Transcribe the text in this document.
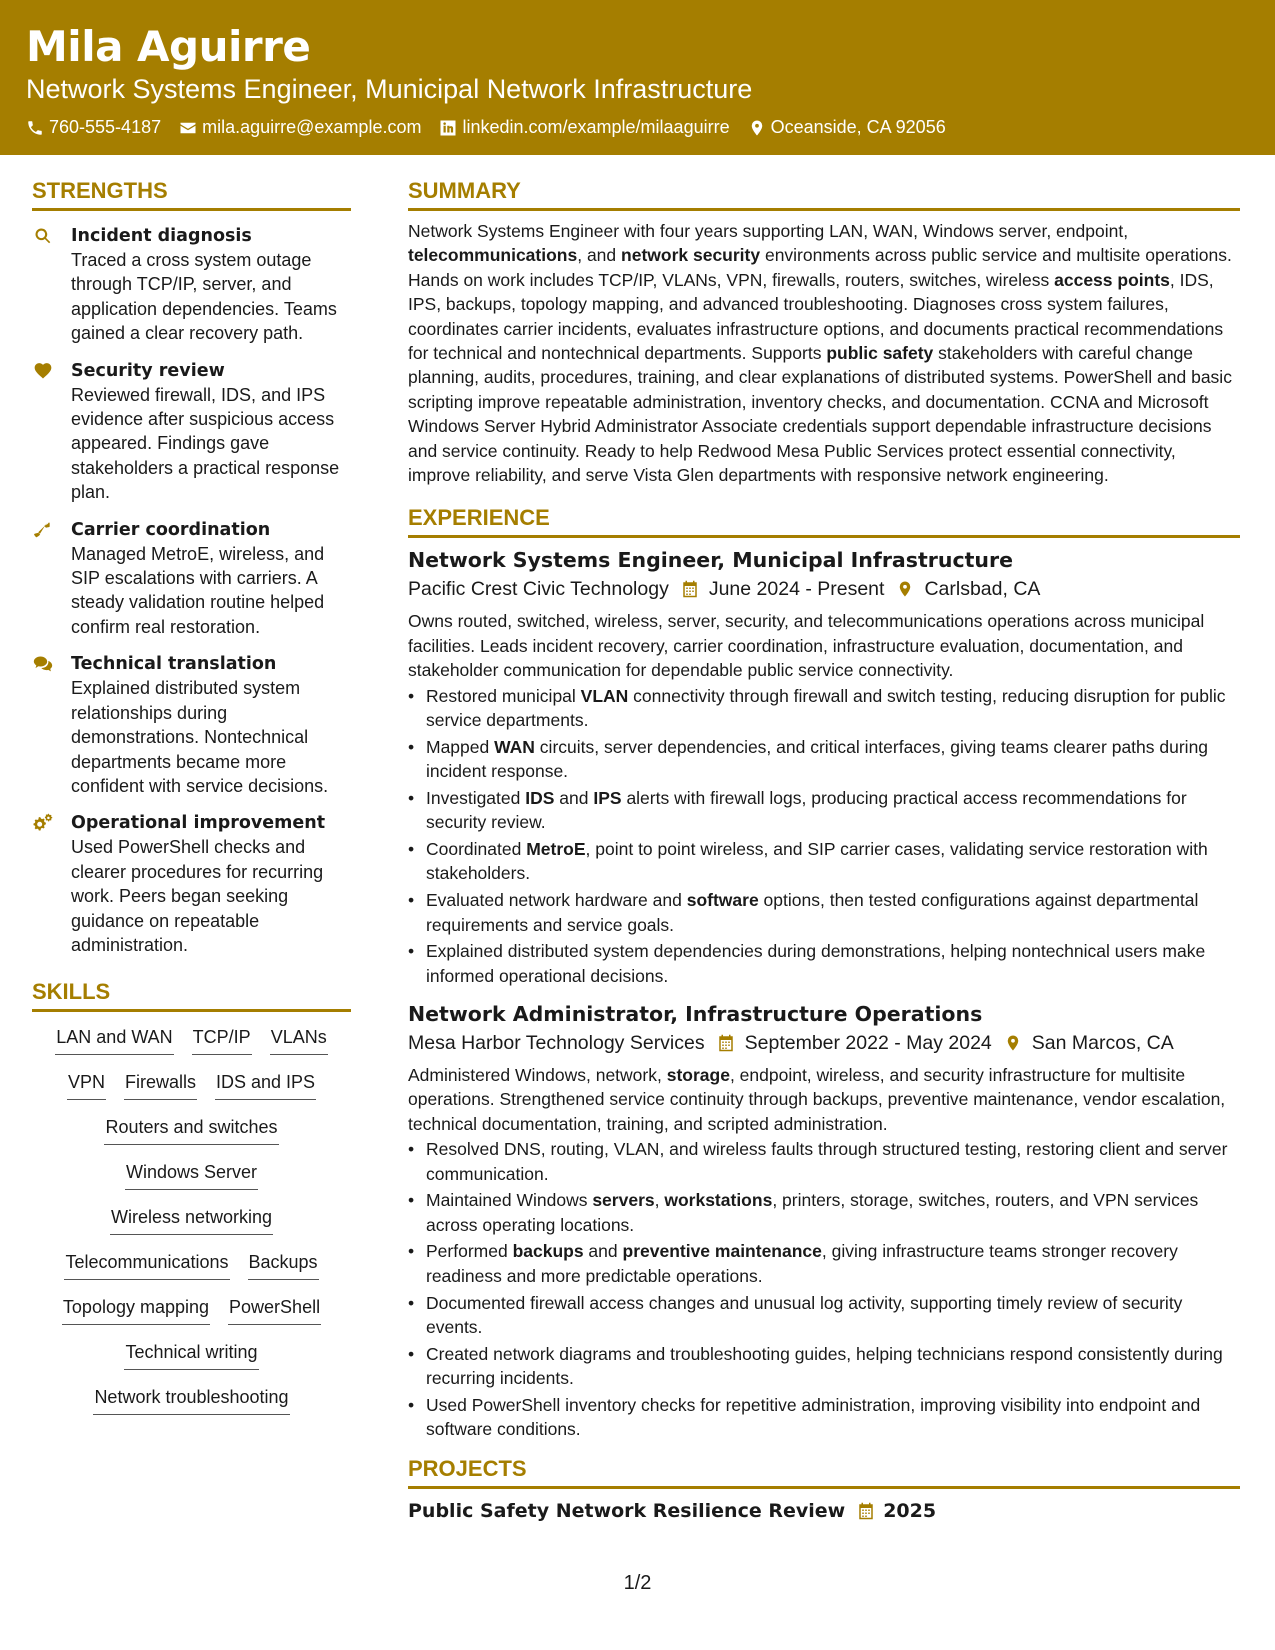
Mila Aguirre
Network Systems Engineer, Municipal Network Infrastructure
760-555-4187 mila.aguirre@example.com linkedin.com/example/milaaguirre Oceanside, CA 92056
STRENGTHS
Incident diagnosis
Traced a cross system outage through TCP/IP, server, and application dependencies. Teams gained a clear recovery path.
Security review
Reviewed firewall, IDS, and IPS evidence after suspicious access appeared. Findings gave stakeholders a practical response plan.
Carrier coordination
Managed MetroE, wireless, and SIP escalations with carriers. A steady validation routine helped confirm real restoration.
Technical translation
Explained distributed system relationships during demonstrations. Nontechnical departments became more confident with service decisions.
Operational improvement
Used PowerShell checks and clearer procedures for recurring work. Peers began seeking guidance on repeatable administration.
SKILLS
LAN and WAN TCP/IP VLANs
VPN Firewalls IDS and IPS
Routers and switches
Windows Server
Wireless networking
Telecommunications Backups
Topology mapping PowerShell
Technical writing
Network troubleshooting
SUMMARY

Network Systems Engineer with four years supporting LAN, WAN, Windows server, endpoint, telecommunications, and network security environments across public service and multisite operations. Hands on work includes TCP/IP, VLANs, VPN, firewalls, routers, switches, wireless access points, IDS, IPS, backups, topology mapping, and advanced troubleshooting. Diagnoses cross system failures, coordinates carrier incidents, evaluates infrastructure options, and documents practical recommendations for technical and nontechnical departments. Supports public safety stakeholders with careful change planning, audits, procedures, training, and clear explanations of distributed systems. PowerShell and basic scripting improve repeatable administration, inventory checks, and documentation. CCNA and Microsoft Windows Server Hybrid Administrator Associate credentials support dependable infrastructure decisions and service continuity. Ready to help Redwood Mesa Public Services protect essential connectivity, improve reliability, and serve Vista Glen departments with responsive network engineering.

EXPERIENCE
Network Systems Engineer, Municipal Infrastructure
Pacific Crest Civic Technology June 2024 - Present Carlsbad, CA

Owns routed, switched, wireless, server, security, and telecommunications operations across municipal facilities. Leads incident recovery, carrier coordination, infrastructure evaluation, documentation, and stakeholder communication for dependable public service connectivity.

• Restored municipal VLAN connectivity through firewall and switch testing, reducing disruption for public service departments.
• Mapped WAN circuits, server dependencies, and critical interfaces, giving teams clearer paths during incident response.
• Investigated IDS and IPS alerts with firewall logs, producing practical access recommendations for security review.
• Coordinated MetroE, point to point wireless, and SIP carrier cases, validating service restoration with stakeholders.
• Evaluated network hardware and software options, then tested configurations against departmental requirements and service goals.
• Explained distributed system dependencies during demonstrations, helping nontechnical users make informed operational decisions.
Network Administrator, Infrastructure Operations
Mesa Harbor Technology Services September 2022 - May 2024 San Marcos, CA

Administered Windows, network, storage, endpoint, wireless, and security infrastructure for multisite operations. Strengthened service continuity through backups, preventive maintenance, vendor escalation, technical documentation, training, and scripted administration.

• Resolved DNS, routing, VLAN, and wireless faults through structured testing, restoring client and server communication.
• Maintained Windows servers, workstations, printers, storage, switches, routers, and VPN services across operating locations.
• Performed backups and preventive maintenance, giving infrastructure teams stronger recovery readiness and more predictable operations.
• Documented firewall access changes and unusual log activity, supporting timely review of security events.
• Created network diagrams and troubleshooting guides, helping technicians respond consistently during recurring incidents.
• Used PowerShell inventory checks for repetitive administration, improving visibility into endpoint and software conditions.
PROJECTS
Public Safety Network Resilience Review 2025
1/2
